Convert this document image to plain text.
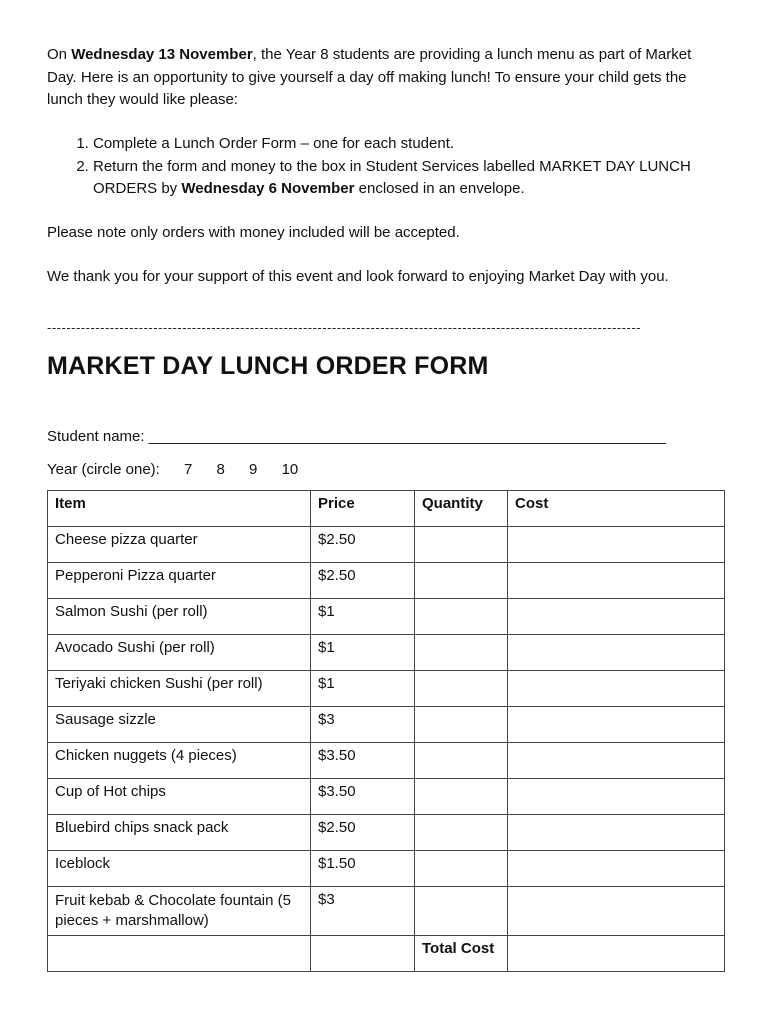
On Wednesday 13 November, the Year 8 students are providing a lunch menu as part of Market Day. Here is an opportunity to give yourself a day off making lunch! To ensure your child gets the lunch they would like please:

1. Complete a Lunch Order Form – one for each student.
2. Return the form and money to the box in Student Services labelled MARKET DAY LUNCH ORDERS by Wednesday 6 November enclosed in an envelope.

Please note only orders with money included will be accepted.

We thank you for your support of this event and look forward to enjoying Market Day with you.

---------------------------------------------------------------------------------------------------------------------------
MARKET DAY LUNCH ORDER FORM
Student name: ______________________________________________________________
Year (circle one): 7 8 9 10
Item	Price	Quantity	Cost
Cheese pizza quarter	$2.50		
Pepperoni Pizza quarter	$2.50		
Salmon Sushi (per roll)	$1		
Avocado Sushi (per roll)	$1		
Teriyaki chicken Sushi (per roll)	$1		
Sausage sizzle	$3		
Chicken nuggets (4 pieces)	$3.50		
Cup of Hot chips	$3.50		
Bluebird chips snack pack	$2.50		
Iceblock	$1.50		
Fruit kebab & Chocolate fountain (5 pieces + marshmallow)	$3		
		Total Cost	
